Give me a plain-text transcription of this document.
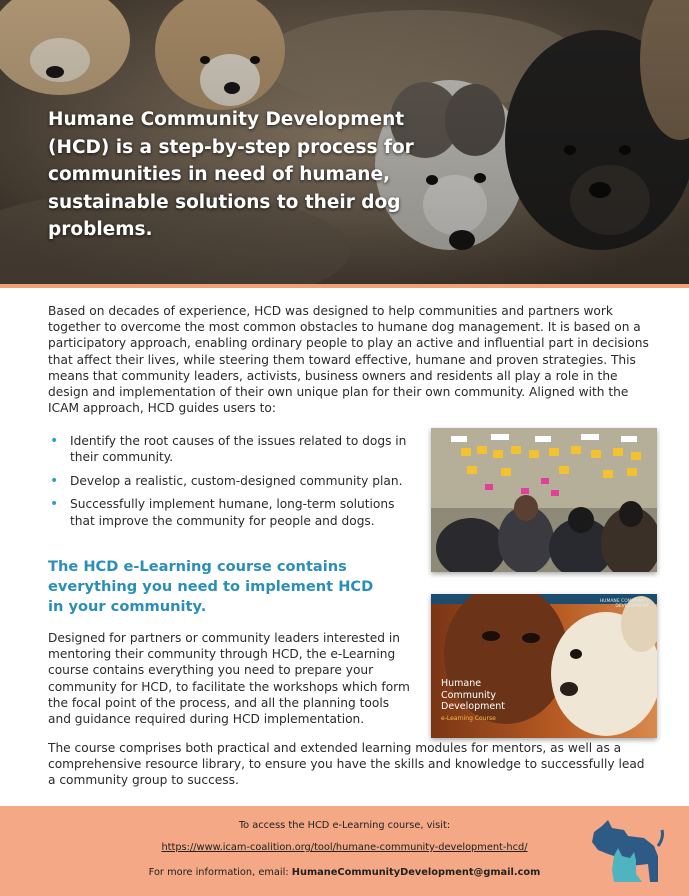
Humane Community Development (HCD) is a step-by-step process for communities in need of humane, sustainable solutions to their dog problems.

Based on decades of experience, HCD was designed to help communities and partners work together to overcome the most common obstacles to humane dog management. It is based on a participatory approach, enabling ordinary people to play an active and influential part in decisions that affect their lives, while steering them toward effective, humane and proven strategies. This means that community leaders, activists, business owners and residents all play a role in the design and implementation of their own unique plan for their own community. Aligned with the ICAM approach, HCD guides users to:

• Identify the root causes of the issues related to dogs in their community.
• Develop a realistic, custom-designed community plan.
• Successfully implement humane, long-term solutions that improve the community for people and dogs.

The HCD e-Learning course contains everything you need to implement HCD in your community.	HUMANE COMMUNITY DEVELOPMENT

Humane Community Development

e-Learning Course

Designed for partners or community leaders interested in mentoring their community through HCD, the e-Learning course contains everything you need to prepare your community for HCD, to facilitate the workshops which form the focal point of the process, and all the planning tools and guidance required during HCD implementation.

The course comprises both practical and extended learning modules for mentors, as well as a comprehensive resource library, to ensure you have the skills and knowledge to successfully lead a community group to success.

To access the HCD e-Learning course, visit:

https://www.icam-coalition.org/tool/humane-community-development-hcd/

For more information, email: HumaneCommunityDevelopment@gmail.com
